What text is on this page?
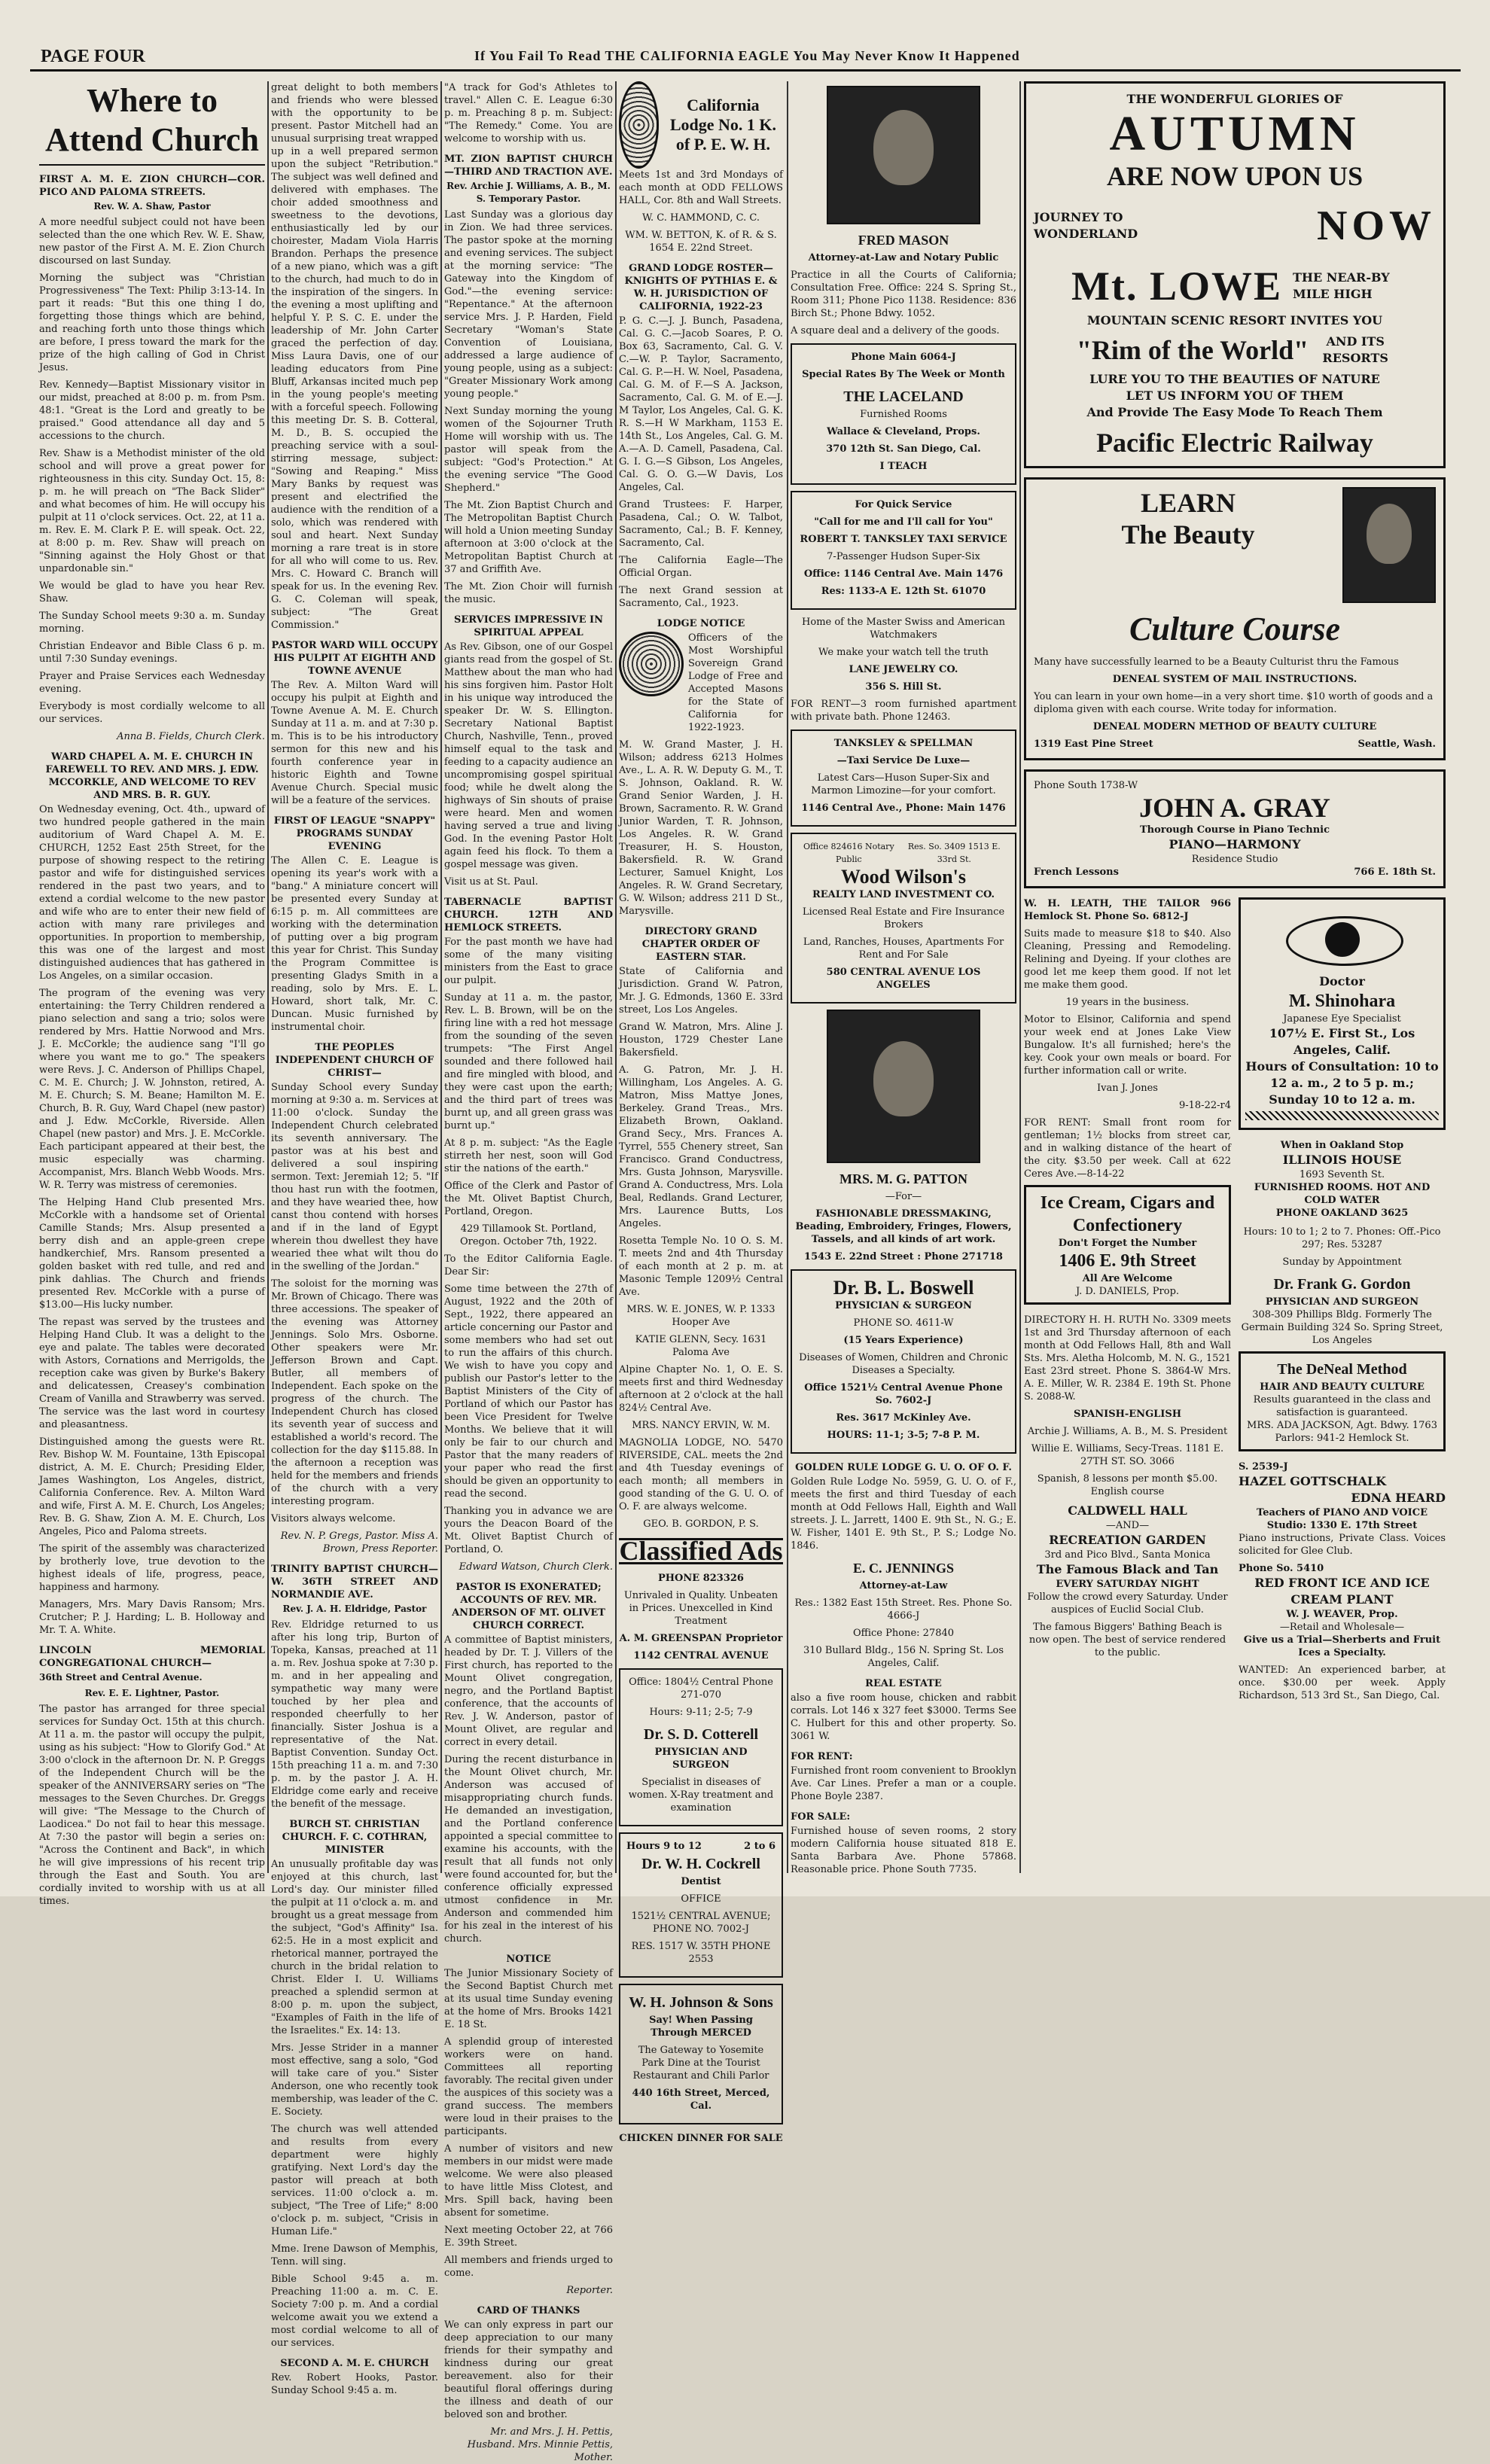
PAGE FOUR	If You Fail To Read THE CALIFORNIA EAGLE You May Never Know It Happened
Where to Attend Church
FIRST A. M. E. ZION CHURCH—COR. PICO AND PALOMA STREETS.
Rev. W. A. Shaw, Pastor

A more needful subject could not have been selected than the one which Rev. W. E. Shaw, new pastor of the First A. M. E. Zion Church discoursed on last Sunday.

Morning the subject was "Christian Progressiveness" The Text: Philip 3:13-14. In part it reads: "But this one thing I do, forgetting those things which are behind, and reaching forth unto those things which are before, I press toward the mark for the prize of the high calling of God in Christ Jesus.

Rev. Kennedy—Baptist Missionary visitor in our midst, preached at 8:00 p. m. from Psm. 48:1. "Great is the Lord and greatly to be praised." Good attendance all day and 5 accessions to the church.

Rev. Shaw is a Methodist minister of the old school and will prove a great power for righteousness in this city. Sunday Oct. 15, 8: p. m. he will preach on "The Back Slider" and what becomes of him. He will occupy his pulpit at 11 o'clock services. Oct. 22, at 11 a. m. Rev. E. M. Clark P. E. will speak. Oct. 22, at 8:00 p. m. Rev. Shaw will preach on "Sinning against the Holy Ghost or that unpardonable sin."

We would be glad to have you hear Rev. Shaw.

The Sunday School meets 9:30 a. m. Sunday morning.

Christian Endeavor and Bible Class 6 p. m. until 7:30 Sunday evenings.

Prayer and Praise Services each Wednesday evening.

Everybody is most cordially welcome to all our services.

Anna B. Fields, Church Clerk.
WARD CHAPEL A. M. E. CHURCH IN FAREWELL TO REV. AND MRS. J. EDW. MCCORKLE, AND WELCOME TO REV AND MRS. B. R. GUY.

On Wednesday evening, Oct. 4th., upward of two hundred people gathered in the main auditorium of Ward Chapel A. M. E. CHURCH, 1252 East 25th Street, for the purpose of showing respect to the retiring pastor and wife for distinguished services rendered in the past two years, and to extend a cordial welcome to the new pastor and wife who are to enter their new field of action with many rare privileges and opportunities. In proportion to membership, this was one of the largest and most distinguished audiences that has gathered in Los Angeles, on a similar occasion.

The program of the evening was very entertaining: the Terry Children rendered a piano selection and sang a trio; solos were rendered by Mrs. Hattie Norwood and Mrs. J. E. McCorkle; the audience sang "I'll go where you want me to go." The speakers were Revs. J. C. Anderson of Phillips Chapel, C. M. E. Church; J. W. Johnston, retired, A. M. E. Church; S. M. Beane; Hamilton M. E. Church, B. R. Guy, Ward Chapel (new pastor) and J. Edw. McCorkle, Riverside. Allen Chapel (new pastor) and Mrs. J. E. McCorkle. Each participant appeared at their best, the music especially was charming. Accompanist, Mrs. Blanch Webb Woods. Mrs. W. R. Terry was mistress of ceremonies.

The Helping Hand Club presented Mrs. McCorkle with a handsome set of Oriental Camille Stands; Mrs. Alsup presented a berry dish and an apple-green crepe handkerchief, Mrs. Ransom presented a golden basket with red tulle, and red and pink dahlias. The Church and friends presented Rev. McCorkle with a purse of $13.00—His lucky number.

The repast was served by the trustees and Helping Hand Club. It was a delight to the eye and palate. The tables were decorated with Astors, Cornations and Merrigolds, the reception cake was given by Burke's Bakery and delicatessen, Creasey's combination Cream of Vanilla and Strawberry was served. The service was the last word in courtesy and pleasantness.

Distinguished among the guests were Rt. Rev. Bishop W. M. Fountaine, 13th Episcopal district, A. M. E. Church; Presiding Elder, James Washington, Los Angeles, district, California Conference. Rev. A. Milton Ward and wife, First A. M. E. Church, Los Angeles; Rev. B. G. Shaw, Zion A. M. E. Church, Los Angeles, Pico and Paloma streets.

The spirit of the assembly was characterized by brotherly love, true devotion to the highest ideals of life, progress, peace, happiness and harmony.

Managers, Mrs. Mary Davis Ransom; Mrs. Crutcher; P. J. Harding; L. B. Holloway and Mr. T. A. White.

LINCOLN MEMORIAL CONGREGATIONAL CHURCH—
36th Street and Central Avenue.
Rev. E. E. Lightner, Pastor.

The pastor has arranged for three special services for Sunday Oct. 15th at this church. At 11 a. m. the pastor will occupy the pulpit, using as his subject: "How to Glorify God." At 3:00 o'clock in the afternoon Dr. N. P. Greggs of the Independent Church will be the speaker of the ANNIVERSARY series on "The messages to the Seven Churches. Dr. Greggs will give: "The Message to the Church of Laodicea." Do not fail to hear this message. At 7:30 the pastor will begin a series on: "Across the Continent and Back", in which he will give impressions of his recent trip through the East and South. You are cordially invited to worship with us at all times.

great delight to both members and friends who were blessed with the opportunity to be present. Pastor Mitchell had an unusual surprising treat wrapped up in a well prepared sermon upon the subject "Retribution." The subject was well defined and delivered with emphases. The choir added smoothness and sweetness to the devotions, enthusiastically led by our choirester, Madam Viola Harris Brandon. Perhaps the presence of a new piano, which was a gift to the church, had much to do in the inspiration of the singers. In the evening a most uplifting and helpful Y. P. S. C. E. under the leadership of Mr. John Carter graced the perfection of day. Miss Laura Davis, one of our leading educators from Pine Bluff, Arkansas incited much pep in the young people's meeting with a forceful speech. Following this meeting Dr. S. B. Cotteral, M. D., B. S. occupied the preaching service with a soul-stirring message, subject: "Sowing and Reaping." Miss Mary Banks by request was present and electrified the audience with the rendition of a solo, which was rendered with soul and heart. Next Sunday morning a rare treat is in store for all who will come to us. Rev. Mrs. C. Howard C. Branch will speak for us. In the evening Rev. G. C. Coleman will speak, subject: "The Great Commission."

PASTOR WARD WILL OCCUPY HIS PULPIT AT EIGHTH AND TOWNE AVENUE

The Rev. A. Milton Ward will occupy his pulpit at Eighth and Towne Avenue A. M. E. Church Sunday at 11 a. m. and at 7:30 p. m. This is to be his introductory sermon for this new and his fourth conference year in historic Eighth and Towne Avenue Church. Special music will be a feature of the services.

FIRST OF LEAGUE "SNAPPY" PROGRAMS SUNDAY EVENING

The Allen C. E. League is opening its year's work with a "bang." A miniature concert will be presented every Sunday at 6:15 p. m. All committees are working with the determination of putting over a big program this year for Christ. This Sunday the Program Committee is presenting Gladys Smith in a reading, solo by Mrs. E. L. Howard, short talk, Mr. C. Duncan. Music furnished by instrumental choir.

THE PEOPLES INDEPENDENT CHURCH OF CHRIST—

Sunday School every Sunday morning at 9:30 a. m. Services at 11:00 o'clock. Sunday the Independent Church celebrated its seventh anniversary. The pastor was at his best and delivered a soul inspiring sermon. Text: Jeremiah 12; 5. "If thou hast run with the footmen, and they have wearied thee, how canst thou contend with horses and if in the land of Egypt wherein thou dwellest they have wearied thee what wilt thou do in the swelling of the Jordan."

The soloist for the morning was Mr. Brown of Chicago. There was three accessions. The speaker of the evening was Attorney Jennings. Solo Mrs. Osborne. Other speakers were Mr. Jefferson Brown and Capt. Butler, all members of Independent. Each spoke on the progress of the church. The Independent Church has closed its seventh year of success and established a world's record. The collection for the day $115.88. In the afternoon a reception was held for the members and friends of the church with a very interesting program.

Visitors always welcome.

Rev. N. P. Gregs, Pastor. Miss A. Brown, Press Reporter.
TRINITY BAPTIST CHURCH—W. 36TH STREET AND NORMANDIE AVE.
Rev. J. A. H. Eldridge, Pastor

Rev. Eldridge returned to us after his long trip, Burton of Topeka, Kansas, preached at 11 a. m. Rev. Joshua spoke at 7:30 p. m. and in her appealing and sympathetic way many were touched by her plea and responded cheerfully to her financially. Sister Joshua is a representative of the Nat. Baptist Convention. Sunday Oct. 15th preaching 11 a. m. and 7:30 p. m. by the pastor J. A. H. Eldridge come early and receive the benefit of the message.

BURCH ST. CHRISTIAN CHURCH. F. C. COTHRAN, MINISTER

An unusually profitable day was enjoyed at this church, last Lord's day. Our minister filled the pulpit at 11 o'clock a. m. and brought us a great message from the subject, "God's Affinity" Isa. 62:5. He in a most explicit and rhetorical manner, portrayed the church in the bridal relation to Christ. Elder I. U. Williams preached a splendid sermon at 8:00 p. m. upon the subject, "Examples of Faith in the life of the Israelites." Ex. 14: 13.

Mrs. Jesse Strider in a manner most effective, sang a solo, "God will take care of you." Sister Anderson, one who recently took membership, was leader of the C. E. Society.

The church was well attended and results from every department were highly gratifying. Next Lord's day the pastor will preach at both services. 11:00 o'clock a. m. subject, "The Tree of Life;" 8:00 o'clock p. m. subject, "Crisis in Human Life."

Mme. Irene Dawson of Memphis, Tenn. will sing.

Bible School 9:45 a. m. Preaching 11:00 a. m. C. E. Society 7:00 p. m. And a cordial welcome await you we extend a most cordial welcome to all of our services.

SECOND A. M. E. CHURCH

Rev. Robert Hooks, Pastor. Sunday School 9:45 a. m.

"A track for God's Athletes to travel." Allen C. E. League 6:30 p. m. Preaching 8 p. m. Subject: "The Remedy." Come. You are welcome to worship with us.

MT. ZION BAPTIST CHURCH—THIRD AND TRACTION AVE.
Rev. Archie J. Williams, A. B., M. S. Temporary Pastor.

Last Sunday was a glorious day in Zion. We had three services. The pastor spoke at the morning and evening services. The subject at the morning service: "The Gateway into the Kingdom of God."—the evening service: "Repentance." At the afternoon service Mrs. J. P. Harden, Field Secretary "Woman's State Convention of Louisiana, addressed a large audience of young people, using as a subject: "Greater Missionary Work among young people."

Next Sunday morning the young women of the Sojourner Truth Home will worship with us. The pastor will speak from the subject: "God's Protection." At the evening service "The Good Shepherd."

The Mt. Zion Baptist Church and The Metropolitan Baptist Church will hold a Union meeting Sunday afternoon at 3:00 o'clock at the Metropolitan Baptist Church at 37 and Griffith Ave.

The Mt. Zion Choir will furnish the music.

SERVICES IMPRESSIVE IN SPIRITUAL APPEAL

As Rev. Gibson, one of our Gospel giants read from the gospel of St. Matthew about the man who had his sins forgiven him. Pastor Holt in his unique way introduced the speaker Dr. W. S. Ellington. Secretary National Baptist Church, Nashville, Tenn., proved himself equal to the task and feeding to a capacity audience an uncompromising gospel spiritual food; while he dwelt along the highways of Sin shouts of praise were heard. Men and women having served a true and living God. In the evening Pastor Holt again feed his flock. To them a gospel message was given.

Visit us at St. Paul.

TABERNACLE BAPTIST CHURCH. 12TH AND HEMLOCK STREETS.

For the past month we have had some of the many visiting ministers from the East to grace our pulpit.

Sunday at 11 a. m. the pastor, Rev. L. B. Brown, will be on the firing line with a red hot message from the sounding of the seven trumpets: "The First Angel sounded and there followed hail and fire mingled with blood, and they were cast upon the earth; and the third part of trees was burnt up, and all green grass was burnt up."

At 8 p. m. subject: "As the Eagle stirreth her nest, soon will God stir the nations of the earth."

Office of the Clerk and Pastor of the Mt. Olivet Baptist Church, Portland, Oregon.

429 Tillamook St. Portland, Oregon. October 7th, 1922.

To the Editor California Eagle. Dear Sir:

Some time between the 27th of August, 1922 and the 20th of Sept., 1922, there appeared an article concerning our Pastor and some members who had set out to run the affairs of this church. We wish to have you copy and publish our Pastor's letter to the Baptist Ministers of the City of Portland of which our Pastor has been Vice President for Twelve Months. We believe that it will only be fair to our church and Pastor that the many readers of your paper who read the first should be given an opportunity to read the second.

Thanking you in advance we are yours the Deacon Board of the Mt. Olivet Baptist Church of Portland, O.

Edward Watson, Church Clerk.
PASTOR IS EXONERATED; ACCOUNTS OF REV. MR. ANDERSON OF MT. OLIVET CHURCH CORRECT.

A committee of Baptist ministers, headed by Dr. T. J. Villers of the First church, has reported to the Mount Olivet congregation, negro, and the Portland Baptist conference, that the accounts of Rev. J. W. Anderson, pastor of Mount Olivet, are regular and correct in every detail.

During the recent disturbance in the Mount Olivet church, Mr. Anderson was accused of misappropriating church funds. He demanded an investigation, and the Portland conference appointed a special committee to examine his accounts, with the result that all funds not only were found accounted for, but the conference officially expressed utmost confidence in Mr. Anderson and commended him for his zeal in the interest of his church.

NOTICE

The Junior Missionary Society of the Second Baptist Church met at its usual time Sunday evening at the home of Mrs. Brooks 1421 E. 18 St.

A splendid group of interested workers were on hand. Committees all reporting favorably. The recital given under the auspices of this society was a grand success. The members were loud in their praises to the participants.

A number of visitors and new members in our midst were made welcome. We were also pleased to have little Miss Clotest, and Mrs. Spill back, having been absent for sometime.

Next meeting October 22, at 766 E. 39th Street.

All members and friends urged to come.

Reporter.
CARD OF THANKS

We can only express in part our deep appreciation to our many friends for their sympathy and kindness during our great bereavement. also for their beautiful floral offerings during the illness and death of our beloved son and brother.

Mr. and Mrs. J. H. Pettis, Husband. Mrs. Minnie Pettis, Mother.
California Lodge No. 1 K. of P. E. W. H.

Meets 1st and 3rd Mondays of each month at ODD FELLOWS HALL, Cor. 8th and Wall Streets.

W. C. HAMMOND, C. C.

WM. W. BETTON, K. of R. & S. 1654 E. 22nd Street.

GRAND LODGE ROSTER—KNIGHTS OF PYTHIAS E. & W. H. JURISDICTION OF CALIFORNIA, 1922-23

P. G. C.—J. J. Bunch, Pasadena, Cal. G. C.—Jacob Soares, P. O. Box 63, Sacramento, Cal. G. V. C.—W. P. Taylor, Sacramento, Cal. G. P.—H. W. Noel, Pasadena, Cal. G. M. of F.—S A. Jackson, Sacramento, Cal. G. M. of E.—J. M Taylor, Los Angeles, Cal. G. K. R. S.—H W Markham, 1153 E. 14th St., Los Angeles, Cal. G. M. A.—A. D. Camell, Pasadena, Cal. G. I. G.—S Gibson, Los Angeles, Cal. G. O. G.—W Davis, Los Angeles, Cal.

Grand Trustees: F. Harper, Pasadena, Cal.; O. W. Talbot, Sacramento, Cal.; B. F. Kenney, Sacramento, Cal.

The California Eagle—The Official Organ.

The next Grand session at Sacramento, Cal., 1923.

LODGE NOTICE

Officers of the Most Worshipful Sovereign Grand Lodge of Free and Accepted Masons for the State of California for 1922-1923.

M. W. Grand Master, J. H. Wilson; address 6213 Holmes Ave., L. A. R. W. Deputy G. M., T. S. Johnson, Oakland. R. W. Grand Senior Warden, J. H. Brown, Sacramento. R. W. Grand Junior Warden, T. R. Johnson, Los Angeles. R. W. Grand Treasurer, H. S. Houston, Bakersfield. R. W. Grand Lecturer, Samuel Knight, Los Angeles. R. W. Grand Secretary, G. W. Wilson; address 211 D St., Marysville.

DIRECTORY GRAND CHAPTER ORDER OF EASTERN STAR.

State of California and Jurisdiction. Grand W. Patron, Mr. J. G. Edmonds, 1360 E. 33rd street, Los Los Angeles.

Grand W. Matron, Mrs. Aline J. Houston, 1729 Chester Lane Bakersfield.

A. G. Patron, Mr. J. H. Willingham, Los Angeles. A. G. Matron, Miss Mattye Jones, Berkeley. Grand Treas., Mrs. Elizabeth Brown, Oakland. Grand Secy., Mrs. Frances A. Tyrrel, 555 Chenery street, San Francisco. Grand Conductress, Mrs. Gusta Johnson, Marysville. Grand A. Conductress, Mrs. Lola Beal, Redlands. Grand Lecturer, Mrs. Laurence Butts, Los Angeles.

Rosetta Temple No. 10 O. S. M. T. meets 2nd and 4th Thursday of each month at 2 p. m. at Masonic Temple 1209½ Central Ave.

MRS. W. E. JONES, W. P. 1333 Hooper Ave

KATIE GLENN, Secy. 1631 Paloma Ave

Alpine Chapter No. 1, O. E. S. meets first and third Wednesday afternoon at 2 o'clock at the hall 824½ Central Ave.

MRS. NANCY ERVIN, W. M.

MAGNOLIA LODGE, NO. 5470 RIVERSIDE, CAL. meets the 2nd and 4th Tuesday evenings of each month; all members in good standing of the G. U. O. of O. F. are always welcome.

GEO. B. GORDON, P. S.

Classified Ads

PHONE 823326

Unrivaled in Quality. Unbeaten in Prices. Unexcelled in Kind Treatment

A. M. GREENSPAN Proprietor

1142 CENTRAL AVENUE

Office: 1804½ Central Phone 271-070

Hours: 9-11; 2-5; 7-9

Dr. S. D. Cotterell

PHYSICIAN AND SURGEON

Specialist in diseases of women. X-Ray treatment and examination

Hours 9 to 12	2 to 6
Dr. W. H. Cockrell

Dentist

OFFICE

1521½ CENTRAL AVENUE; PHONE NO. 7002-J

RES. 1517 W. 35TH PHONE 2553

W. H. Johnson & Sons

Say! When Passing Through MERCED

The Gateway to Yosemite Park Dine at the Tourist Restaurant and Chili Parlor

440 16th Street, Merced, Cal.

CHICKEN DINNER FOR SALE
FRED MASON

Attorney-at-Law and Notary Public

Practice in all the Courts of California; Consultation Free. Office: 224 S. Spring St., Room 311; Phone Pico 1138. Residence: 836 Birch St.; Phone Bdwy. 1052.

A square deal and a delivery of the goods.

Phone Main 6064-J

Special Rates By The Week or Month

THE LACELAND

Furnished Rooms

Wallace & Cleveland, Props.

370 12th St. San Diego, Cal.

I TEACH

For Quick Service

"Call for me and I'll call for You"

ROBERT T. TANKSLEY TAXI SERVICE

7-Passenger Hudson Super-Six

Office: 1146 Central Ave. Main 1476

Res: 1133-A E. 12th St. 61070

Home of the Master Swiss and American Watchmakers

We make your watch tell the truth

LANE JEWELRY CO.

356 S. Hill St.

FOR RENT—3 room furnished apartment with private bath. Phone 12463.

TANKSLEY & SPELLMAN

—Taxi Service De Luxe—

Latest Cars—Huson Super-Six and Marmon Limozine—for your comfort.

1146 Central Ave., Phone: Main 1476

Office 824616 Notary Public
Res. So. 3409 1513 E. 33rd St.
Wood Wilson's

REALTY LAND INVESTMENT CO.

Licensed Real Estate and Fire Insurance Brokers

Land, Ranches, Houses, Apartments For Rent and For Sale

580 CENTRAL AVENUE LOS ANGELES

MRS. M. G. PATTON

—For—

FASHIONABLE DRESSMAKING, Beading, Embroidery, Fringes, Flowers, Tassels, and all kinds of art work.

1543 E. 22nd Street : Phone 271718

Dr. B. L. Boswell

PHYSICIAN & SURGEON

PHONE SO. 4611-W

(15 Years Experience)

Diseases of Women, Children and Chronic Diseases a Specialty.

Office 1521½ Central Avenue Phone So. 7602-J

Res. 3617 McKinley Ave.

HOURS: 11-1; 3-5; 7-8 P. M.

GOLDEN RULE LODGE G. U. O. OF O. F.

Golden Rule Lodge No. 5959, G. U. O. of F., meets the first and third Tuesday of each month at Odd Fellows Hall, Eighth and Wall streets. J. L. Jarrett, 1400 E. 9th St., N. G.; E. W. Fisher, 1401 E. 9th St., P. S.; Lodge No. 1846.

E. C. JENNINGS

Attorney-at-Law

Res.: 1382 East 15th Street. Res. Phone So. 4666-J

Office Phone: 27840

310 Bullard Bldg., 156 N. Spring St. Los Angeles, Calif.

REAL ESTATE

also a five room house, chicken and rabbit corrals. Lot 146 x 327 feet $3000. Terms See C. Hulbert for this and other property. So. 3061 W.

FOR RENT:

Furnished front room convenient to Brooklyn Ave. Car Lines. Prefer a man or a couple. Phone Boyle 2387.

FOR SALE:

Furnished house of seven rooms, 2 story modern California house situated 818 E. Santa Barbara Ave. Phone 57868. Reasonable price. Phone South 7735.

THE WONDERFUL GLORIES OF
AUTUMN
ARE NOW UPON US
JOURNEY TO WONDERLAND	NOW
Mt. LOWE THE NEAR-BY MILE HIGH
MOUNTAIN SCENIC RESORT INVITES YOU
"Rim of the World"	AND ITS RESORTS
LURE YOU TO THE BEAUTIES OF NATURE
LET US INFORM YOU OF THEM
And Provide The Easy Mode To Reach Them
Pacific Electric Railway
LEARN
The Beauty
Culture Course

Many have successfully learned to be a Beauty Culturist thru the Famous

DENEAL SYSTEM OF MAIL INSTRUCTIONS.

You can learn in your own home—in a very short time. $10 worth of goods and a diploma given with each course. Write today for information.

DENEAL MODERN METHOD OF BEAUTY CULTURE

1319 East Pine Street	Seattle, Wash.
Phone South 1738-W
JOHN A. GRAY
Thorough Course in Piano Technic
PIANO—HARMONY
Residence Studio
French Lessons	766 E. 18th St.

W. H. LEATH, THE TAILOR 966 Hemlock St. Phone So. 6812-J

Suits made to measure $18 to $40. Also Cleaning, Pressing and Remodeling. Relining and Dyeing. If your clothes are good let me keep them good. If not let me make them good.

19 years in the business.

Motor to Elsinor, California and spend your week end at Jones Lake View Bungalow. It's all furnished; here's the key. Cook your own meals or board. For further information call or write.

Ivan J. Jones

9-18-22-r4

FOR RENT: Small front room for gentleman; 1½ blocks from street car, and in walking distance of the heart of the city. $3.50 per week. Call at 622 Ceres Ave.—8-14-22

Ice Cream, Cigars and Confectionery
Don't Forget the Number
1406 E. 9th Street
All Are Welcome
J. D. DANIELS, Prop.

DIRECTORY H. H. RUTH No. 3309 meets 1st and 3rd Thursday afternoon of each month at Odd Fellows Hall, 8th and Wall Sts. Mrs. Aletha Holcomb, M. N. G., 1521 East 23rd street. Phone S. 3864-W Mrs. A. E. Miller, W. R. 2384 E. 19th St. Phone S. 2088-W.

SPANISH-ENGLISH

Archie J. Williams, A. B., M. S. President

Willie E. Williams, Secy-Treas. 1181 E. 27TH ST. SO. 3066

Spanish, 8 lessons per month $5.00. English course

CALDWELL HALL
—AND—
RECREATION GARDEN
3rd and Pico Blvd., Santa Monica
The Famous Black and Tan
EVERY SATURDAY NIGHT

Follow the crowd every Saturday. Under auspices of Euclid Social Club.

The famous Biggers' Bathing Beach is now open. The best of service rendered to the public.

Doctor
M. Shinohara
Japanese Eye Specialist
107½ E. First St., Los Angeles, Calif.
Hours of Consultation: 10 to 12 a. m., 2 to 5 p. m.; Sunday 10 to 12 a. m.
When in Oakland Stop
ILLINOIS HOUSE
1693 Seventh St.
FURNISHED ROOMS. HOT AND COLD WATER
PHONE OAKLAND 3625

Hours: 10 to 1; 2 to 7. Phones: Off.-Pico 297; Res. 53287

Sunday by Appointment

Dr. Frank G. Gordon
PHYSICIAN AND SURGEON

308-309 Phillips Bldg. Formerly The Germain Building 324 So. Spring Street, Los Angeles

The DeNeal Method
HAIR AND BEAUTY CULTURE
Results guaranteed in the class and satisfaction is guaranteed.
MRS. ADA JACKSON, Agt. Bdwy. 1763 Parlors: 941-2 Hemlock St.
S. 2539-J
HAZEL GOTTSCHALK
EDNA HEARD
Teachers of PIANO AND VOICE
Studio: 1330 E. 17th Street

Piano instructions, Private Class. Voices solicited for Glee Club.

Phone So. 5410
RED FRONT ICE AND ICE CREAM PLANT
W. J. WEAVER, Prop.
—Retail and Wholesale—
Give us a Trial—Sherberts and Fruit Ices a Specialty.

WANTED: An experienced barber, at once. $30.00 per week. Apply Richardson, 513 3rd St., San Diego, Cal.
